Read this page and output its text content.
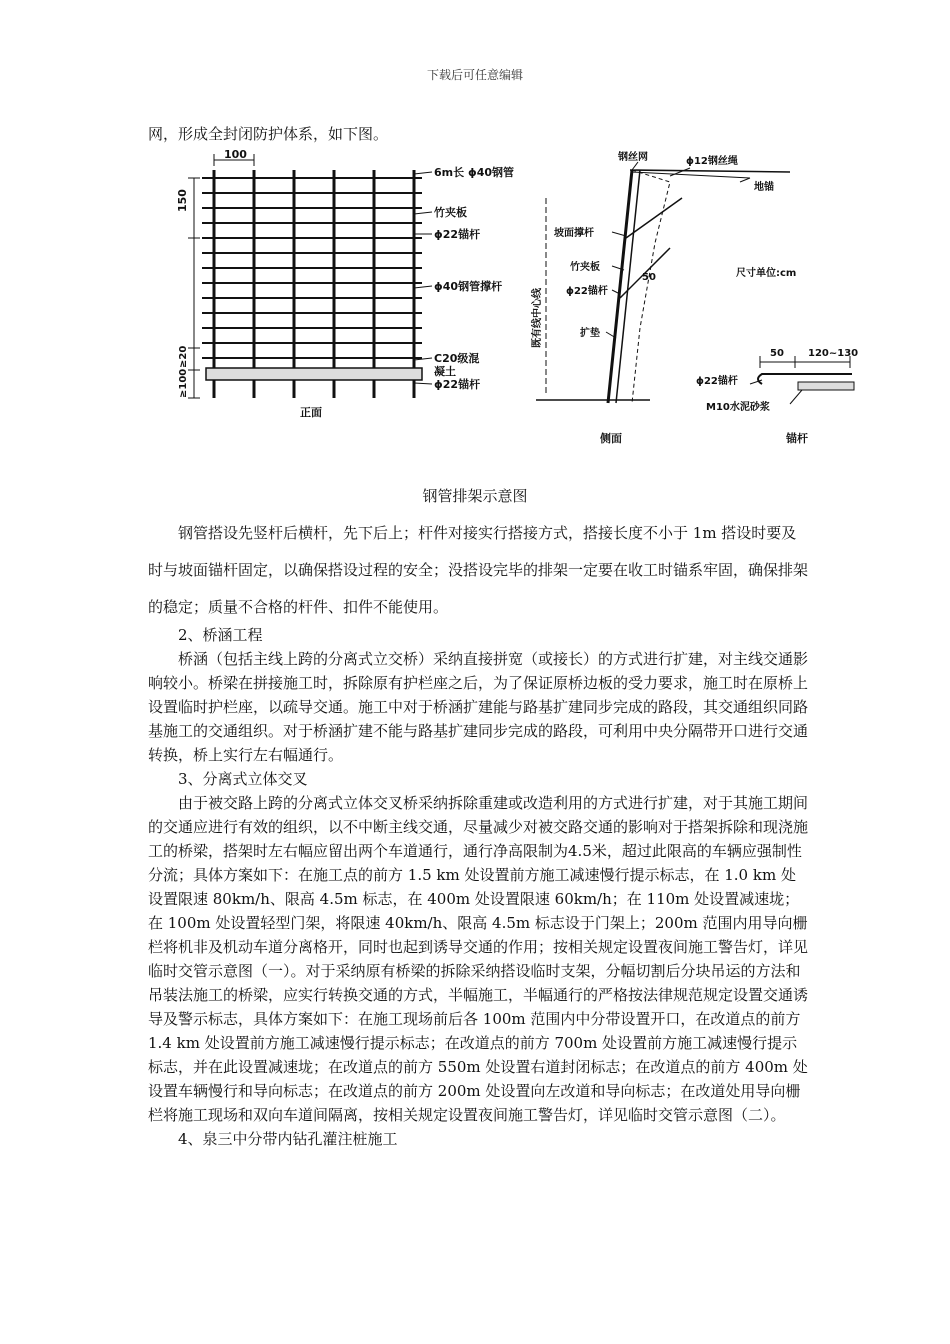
下载后可任意编辑
网，形成全封闭防护体系，如下图。
100
150
≥20
≥100
6m长 ϕ40钢管
竹夹板
ϕ22锚杆
ϕ40钢管撑杆
C20级混
凝土
ϕ22锚杆
正面
钢丝网	ϕ12钢丝绳
地锚
既有线中心线
坡面撑杆
竹夹板
50
ϕ22锚杆
扩垫
尺寸单位:cm
侧面
50 120~130
ϕ22锚杆
M10水泥砂浆
锚杆
钢管排架示意图
钢管搭设先竖杆后横杆，先下后上；杆件对接实行搭接方式，搭接长度不小于 1m 搭设时要及时与坡面锚杆固定，以确保搭设过程的安全；没搭设完毕的排架一定要在收工时锚系牢固，确保排架的稳定；质量不合格的杆件、扣件不能使用。

2、桥涵工程

桥涵（包括主线上跨的分离式立交桥）采纳直接拼宽（或接长）的方式进行扩建，对主线交通影响较小。桥梁在拼接施工时，拆除原有护栏座之后，为了保证原桥边板的受力要求，施工时在原桥上设置临时护栏座，以疏导交通。施工中对于桥涵扩建能与路基扩建同步完成的路段，其交通组织同路基施工的交通组织。对于桥涵扩建不能与路基扩建同步完成的路段，可利用中央分隔带开口进行交通转换，桥上实行左右幅通行。

3、分离式立体交叉

由于被交路上跨的分离式立体交叉桥采纳拆除重建或改造利用的方式进行扩建，对于其施工期间的交通应进行有效的组织，以不中断主线交通，尽量减少对被交路交通的影响对于搭架拆除和现浇施工的桥梁，搭架时左右幅应留出两个车道通行，通行净高限制为4.5米，超过此限高的车辆应强制性分流；具体方案如下：在施工点的前方 1.5 km 处设置前方施工减速慢行提示标志，在 1.0 km 处设置限速 80km/h、限高 4.5m 标志，在 400m 处设置限速 60km/h；在 110m 处设置减速垅；在 100m 处设置轻型门架，将限速 40km/h、限高 4.5m 标志设于门架上；200m 范围内用导向栅栏将机非及机动车道分离格开，同时也起到诱导交通的作用；按相关规定设置夜间施工警告灯，详见临时交管示意图（一）。对于采纳原有桥梁的拆除采纳搭设临时支架，分幅切割后分块吊运的方法和吊装法施工的桥梁，应实行转换交通的方式，半幅施工，半幅通行的严格按法律规范规定设置交通诱导及警示标志，具体方案如下：在施工现场前后各 100m 范围内中分带设置开口，在改道点的前方 1.4 km 处设置前方施工减速慢行提示标志；在改道点的前方 700m 处设置前方施工减速慢行提示标志，并在此设置减速垅；在改道点的前方 550m 处设置右道封闭标志；在改道点的前方 400m 处设置车辆慢行和导向标志；在改道点的前方 200m 处设置向左改道和导向标志；在改道处用导向栅栏将施工现场和双向车道间隔离，按相关规定设置夜间施工警告灯，详见临时交管示意图（二）。

4、泉三中分带内钻孔灌注桩施工
